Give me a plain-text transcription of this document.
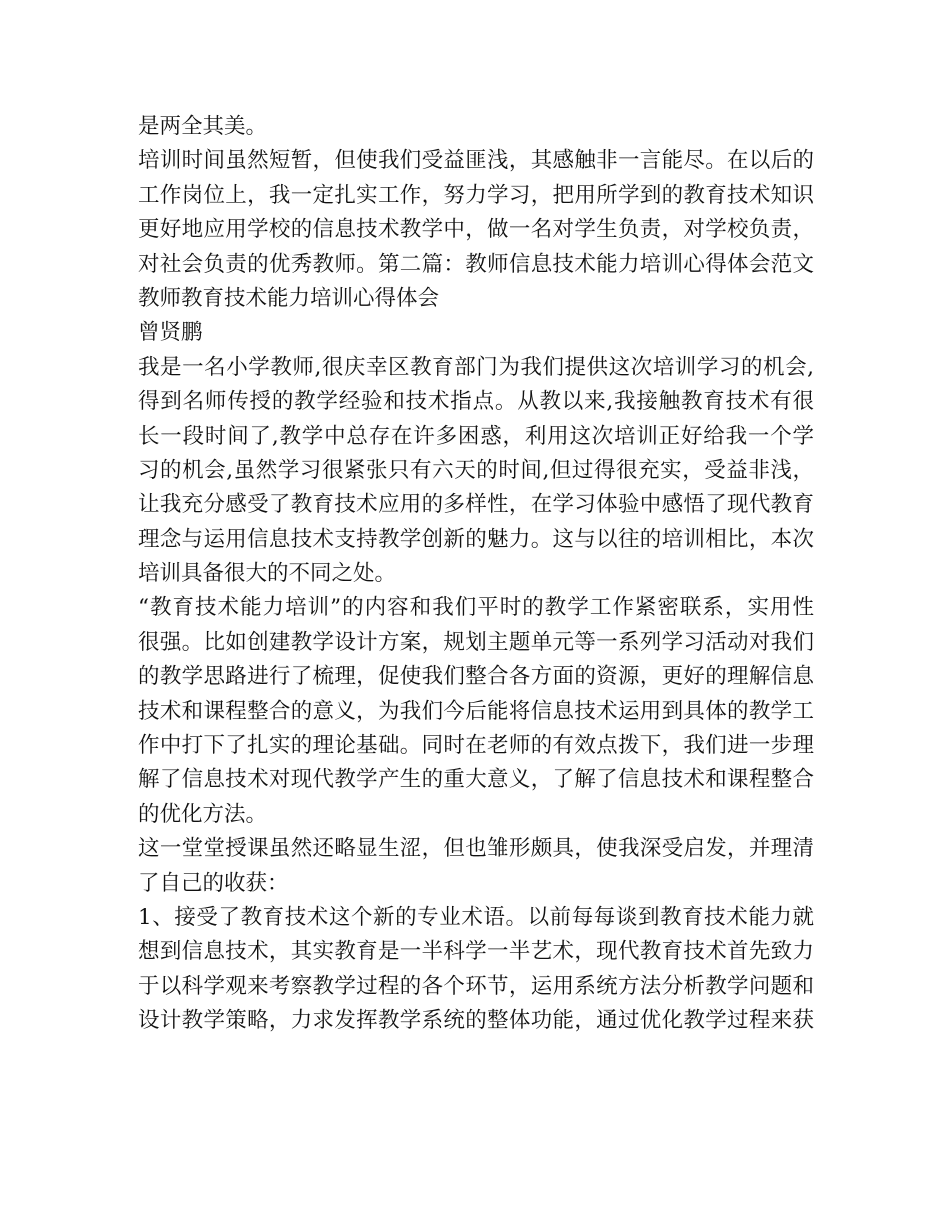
是两全其美。
培训时间虽然短暂，但使我们受益匪浅，其感触非一言能尽。在以后的
工作岗位上，我一定扎实工作，努力学习，把用所学到的教育技术知识
更好地应用学校的信息技术教学中，做一名对学生负责，对学校负责，
对社会负责的优秀教师。第二篇：教师信息技术能力培训心得体会范文
教师教育技术能力培训心得体会
曾贤鹏
我是一名小学教师,很庆幸区教育部门为我们提供这次培训学习的机会,
得到名师传授的教学经验和技术指点。从教以来,我接触教育技术有很
长一段时间了,教学中总存在许多困惑，利用这次培训正好给我一个学
习的机会,虽然学习很紧张只有六天的时间,但过得很充实，受益非浅，
让我充分感受了教育技术应用的多样性，在学习体验中感悟了现代教育
理念与运用信息技术支持教学创新的魅力。这与以往的培训相比，本次
培训具备很大的不同之处。
“教育技术能力培训”的内容和我们平时的教学工作紧密联系，实用性
很强。比如创建教学设计方案，规划主题单元等一系列学习活动对我们
的教学思路进行了梳理，促使我们整合各方面的资源，更好的理解信息
技术和课程整合的意义，为我们今后能将信息技术运用到具体的教学工
作中打下了扎实的理论基础。同时在老师的有效点拨下，我们进一步理
解了信息技术对现代教学产生的重大意义，了解了信息技术和课程整合
的优化方法。
这一堂堂授课虽然还略显生涩，但也雏形颇具，使我深受启发，并理清
了自己的收获：
1、接受了教育技术这个新的专业术语。以前每每谈到教育技术能力就
想到信息技术，其实教育是一半科学一半艺术，现代教育技术首先致力
于以科学观来考察教学过程的各个环节，运用系统方法分析教学问题和
设计教学策略，力求发挥教学系统的整体功能，通过优化教学过程来获
